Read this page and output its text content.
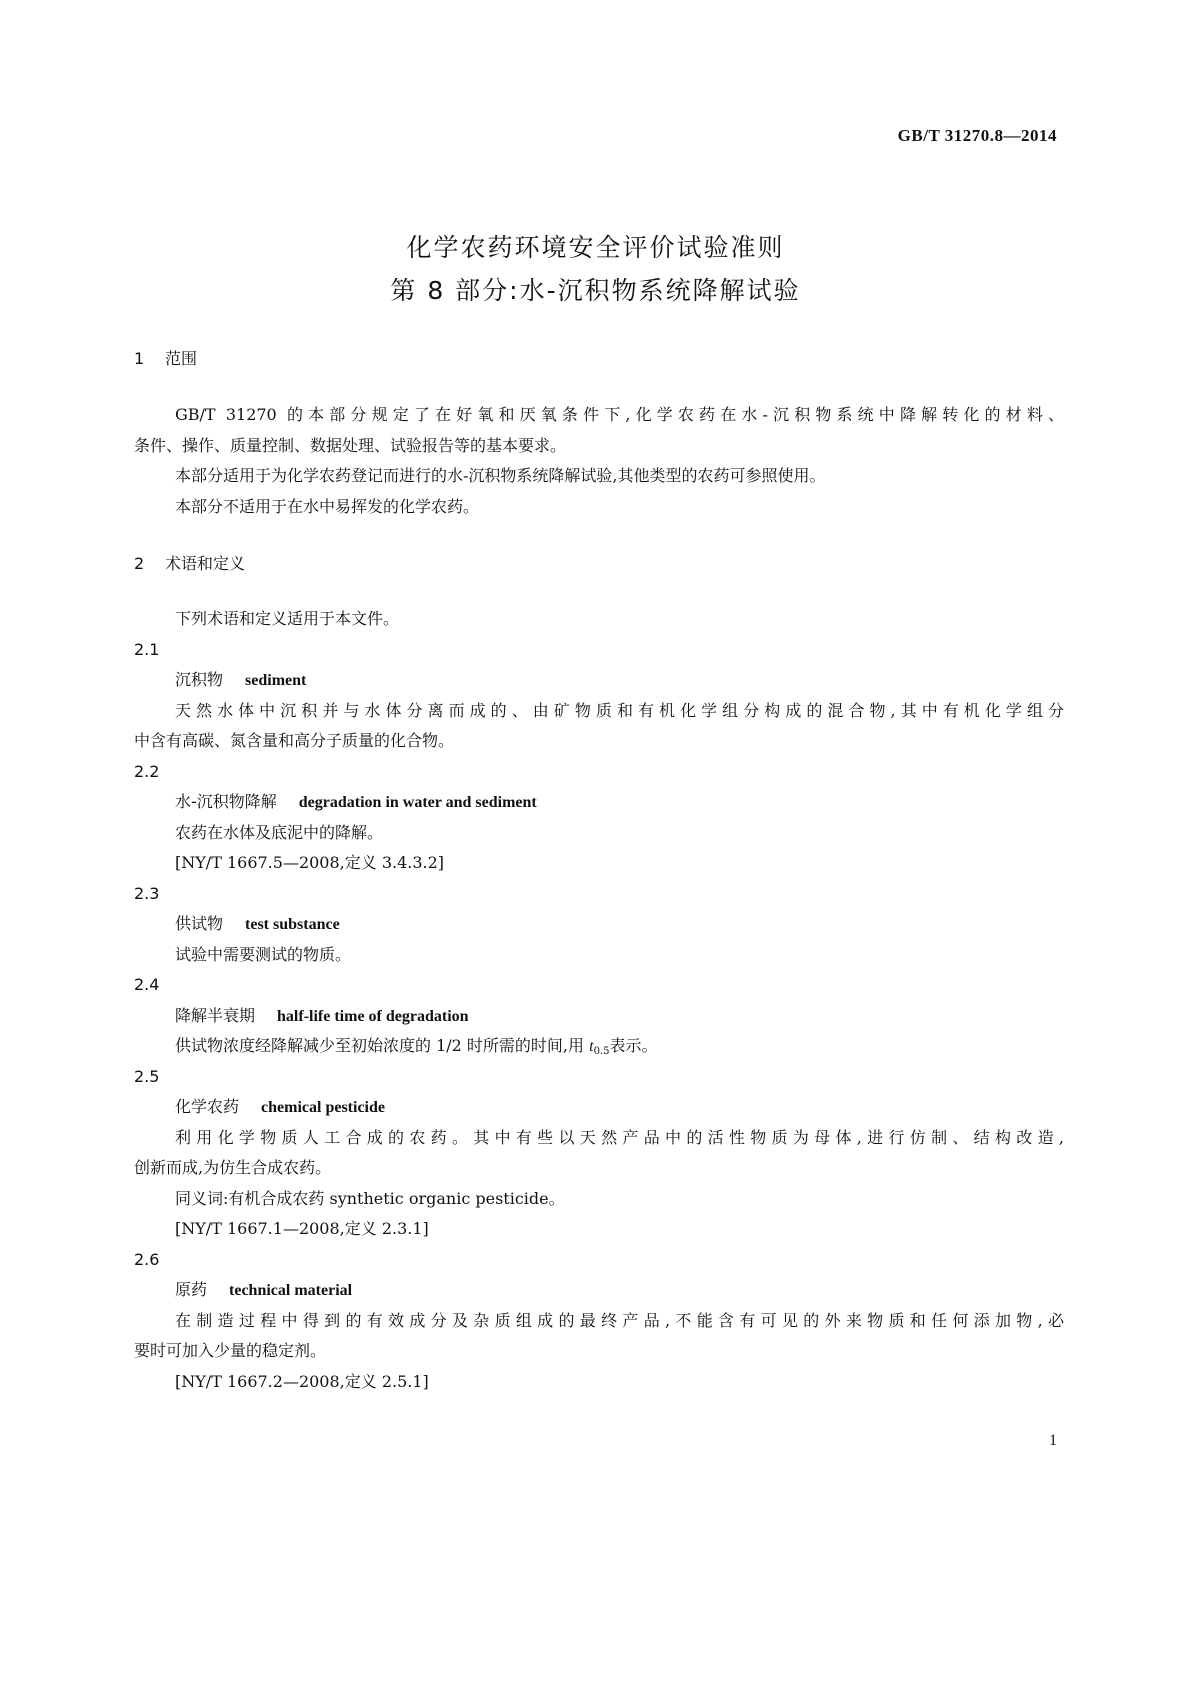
GB/T 31270.8—2014
化学农药环境安全评价试验准则
第 8 部分:水-沉积物系统降解试验
1 范围
GB/T 31270 的本部分规定了在好氧和厌氧条件下,化学农药在水-沉积物系统中降解转化的材料、
条件、操作、质量控制、数据处理、试验报告等的基本要求。
本部分适用于为化学农药登记而进行的水-沉积物系统降解试验,其他类型的农药可参照使用。
本部分不适用于在水中易挥发的化学农药。
2 术语和定义
下列术语和定义适用于本文件。
2.1
沉积物 sediment
天然水体中沉积并与水体分离而成的、由矿物质和有机化学组分构成的混合物,其中有机化学组分
中含有高碳、氮含量和高分子质量的化合物。
2.2
水-沉积物降解 degradation in water and sediment
农药在水体及底泥中的降解。
[NY/T 1667.5—2008,定义 3.4.3.2]
2.3
供试物 test substance
试验中需要测试的物质。
2.4
降解半衰期 half-life time of degradation
供试物浓度经降解减少至初始浓度的 1/2 时所需的时间,用 $t_{0.5}$表示。
2.5
化学农药 chemical pesticide
利用化学物质人工合成的农药。其中有些以天然产品中的活性物质为母体,进行仿制、结构改造,
创新而成,为仿生合成农药。
同义词:有机合成农药 synthetic organic pesticide。
[NY/T 1667.1—2008,定义 2.3.1]
2.6
原药 technical material
在制造过程中得到的有效成分及杂质组成的最终产品,不能含有可见的外来物质和任何添加物,必
要时可加入少量的稳定剂。
[NY/T 1667.2—2008,定义 2.5.1]
1
